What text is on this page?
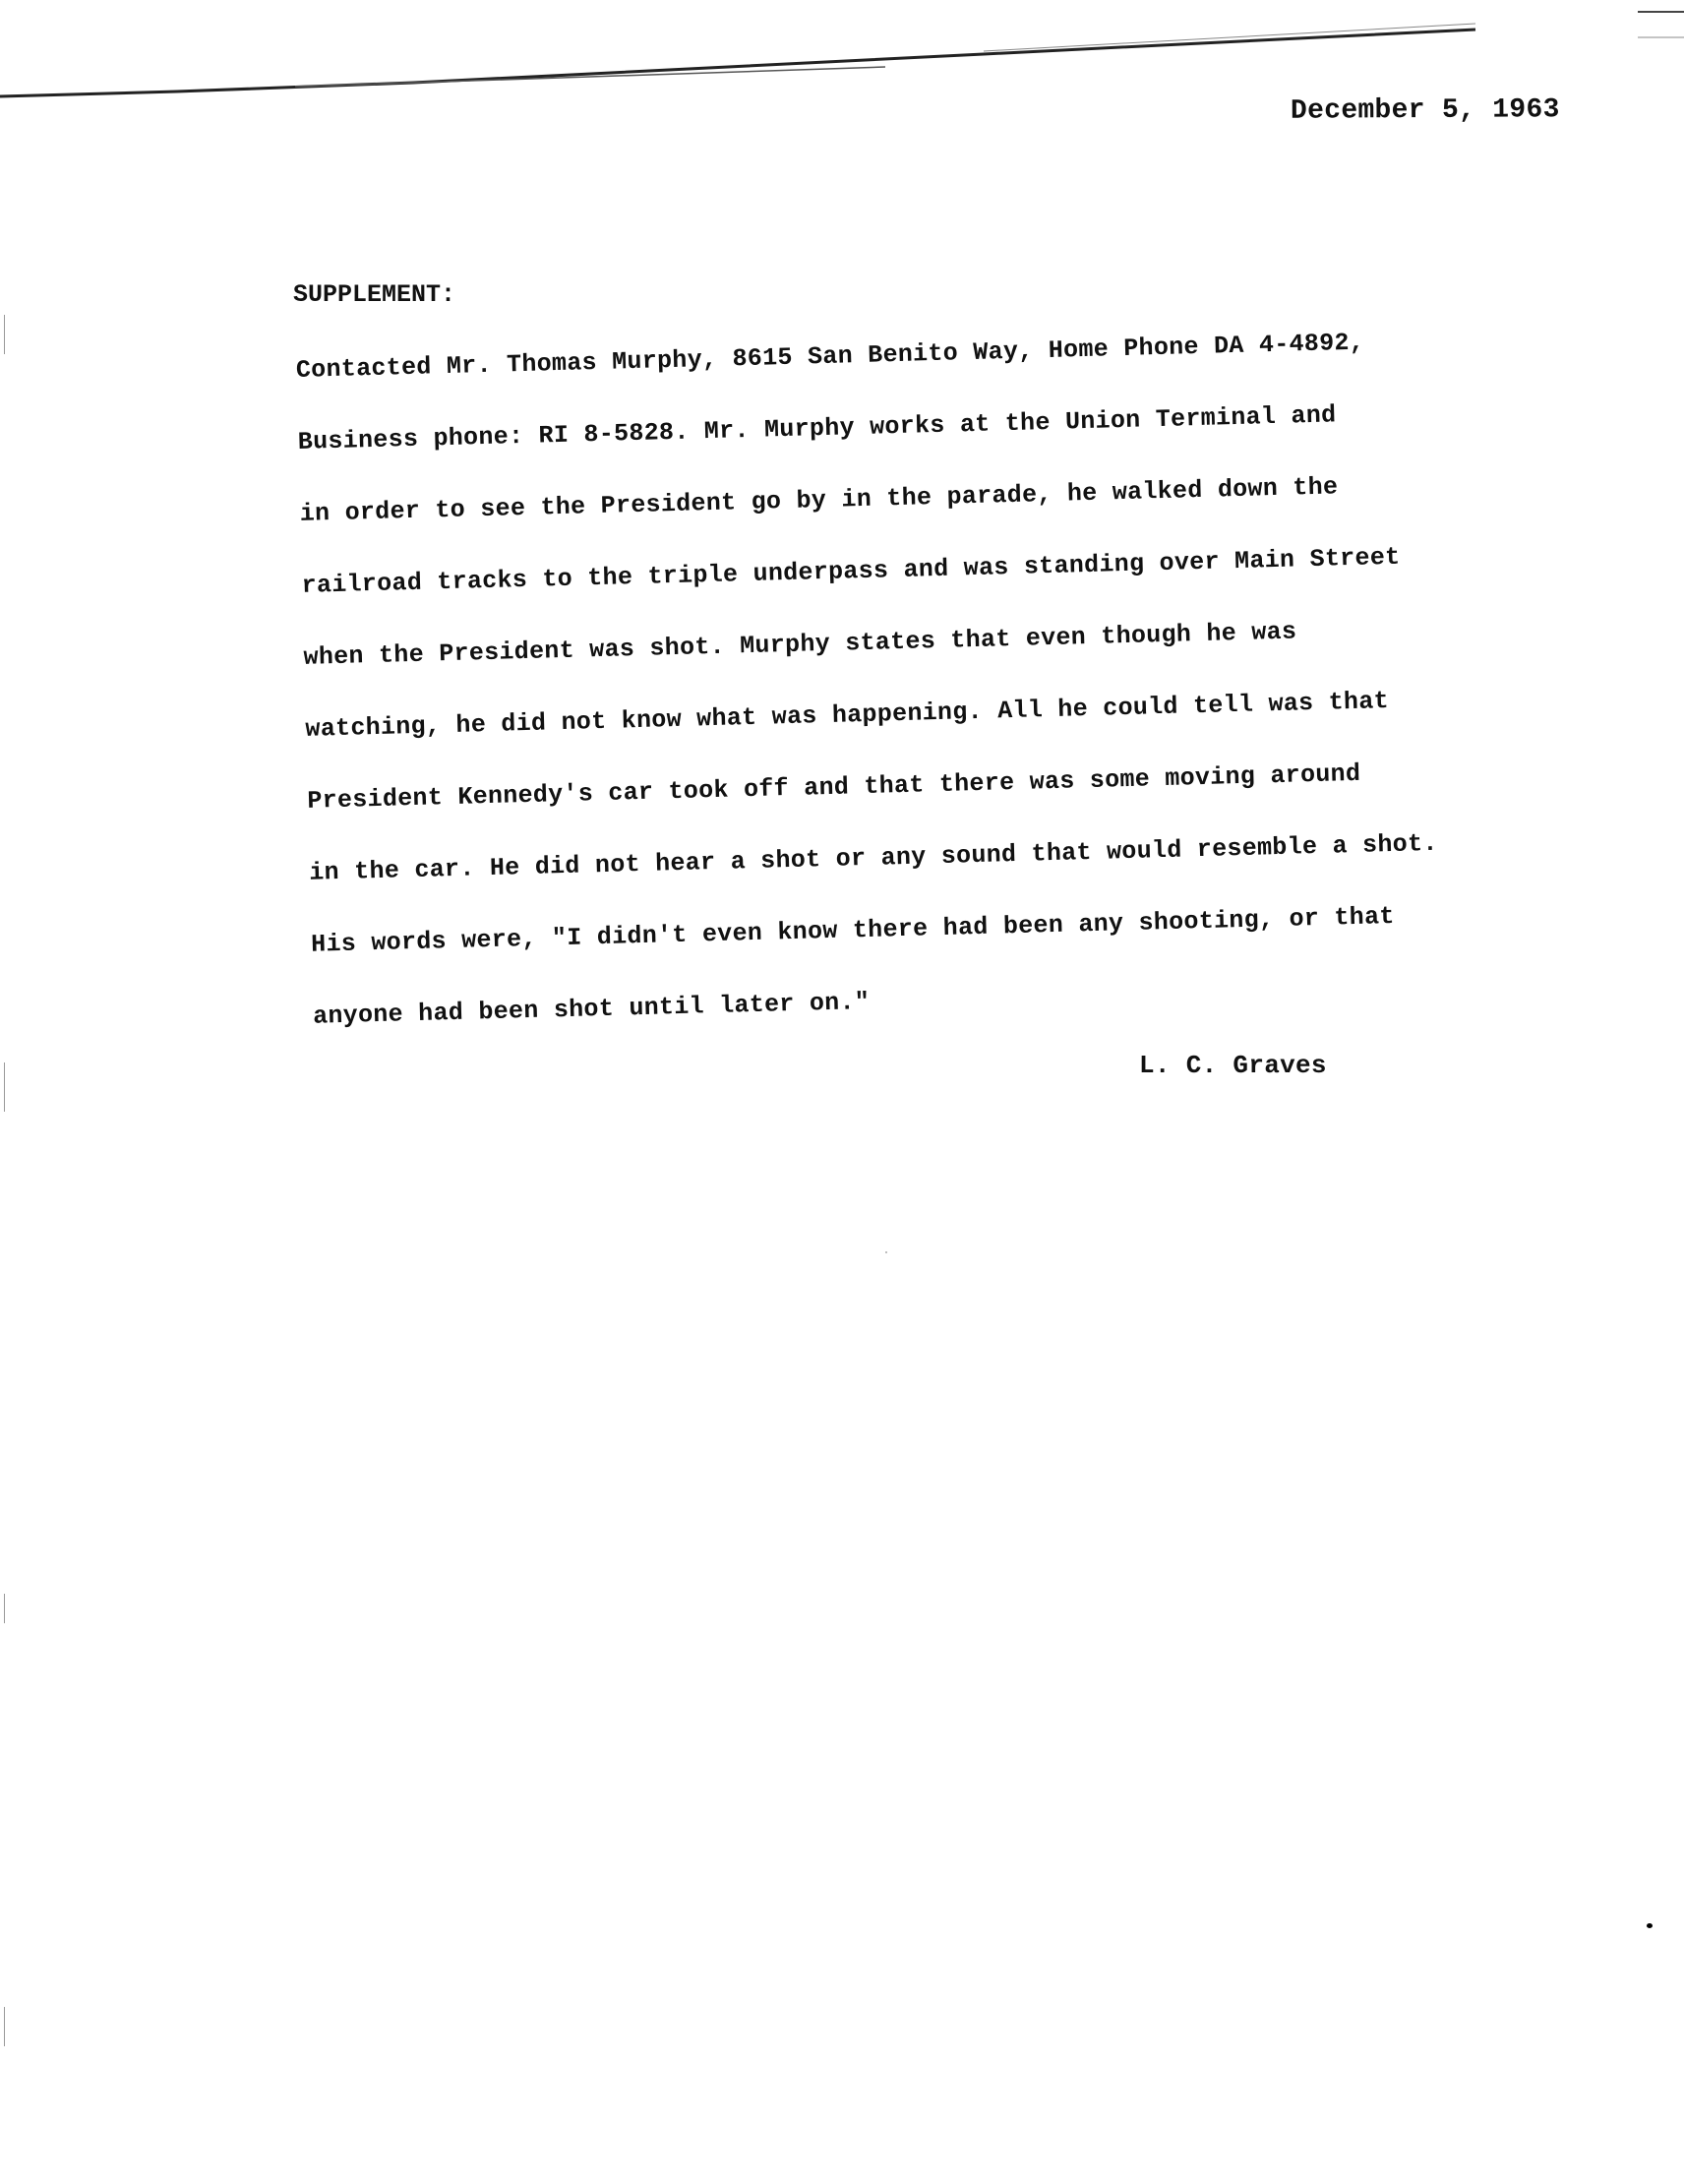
December 5, 1963
SUPPLEMENT:
Contacted Mr. Thomas Murphy, 8615 San Benito Way, Home Phone DA 4-4892,
Business phone: RI 8-5828. Mr. Murphy works at the Union Terminal and
in order to see the President go by in the parade, he walked down the
railroad tracks to the triple underpass and was standing over Main Street
when the President was shot. Murphy states that even though he was
watching, he did not know what was happening. All he could tell was that
President Kennedy's car took off and that there was some moving around
in the car. He did not hear a shot or any sound that would resemble a shot.
His words were, "I didn't even know there had been any shooting, or that
anyone had been shot until later on."
L. C. Graves
